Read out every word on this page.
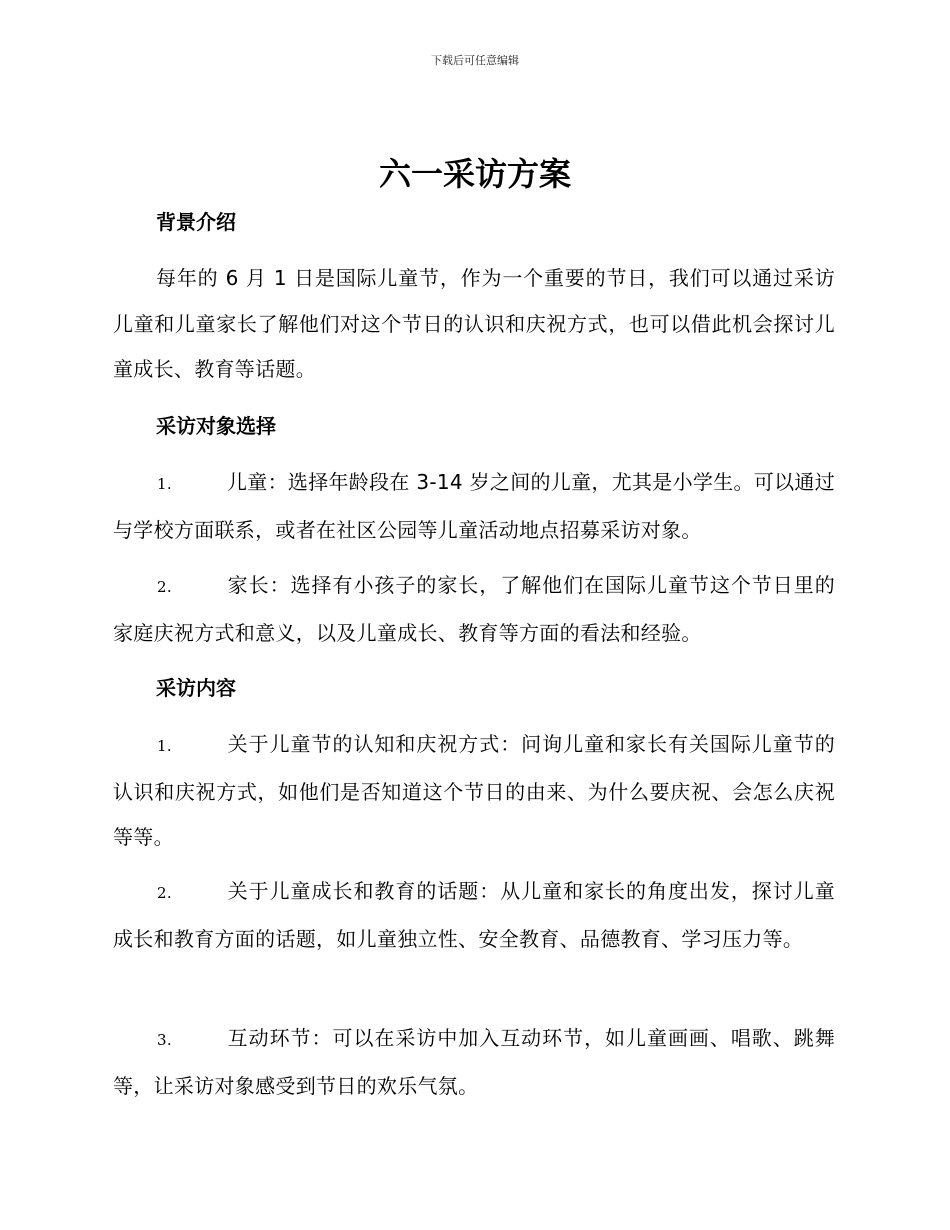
下载后可任意编辑
六一采访方案
背景介绍

每年的 6 月 1 日是国际儿童节，作为一个重要的节日，我们可以通过采访儿童和儿童家长了解他们对这个节日的认识和庆祝方式，也可以借此机会探讨儿童成长、教育等话题。

采访对象选择

1.	儿童：选择年龄段在 3-14 岁之间的儿童，尤其是小学生。可以通过与学校方面联系，或者在社区公园等儿童活动地点招募采访对象。

2.	家长：选择有小孩子的家长，了解他们在国际儿童节这个节日里的家庭庆祝方式和意义，以及儿童成长、教育等方面的看法和经验。

采访内容

1.	关于儿童节的认知和庆祝方式：问询儿童和家长有关国际儿童节的认识和庆祝方式，如他们是否知道这个节日的由来、为什么要庆祝、会怎么庆祝等等。

2.	关于儿童成长和教育的话题：从儿童和家长的角度出发，探讨儿童成长和教育方面的话题，如儿童独立性、安全教育、品德教育、学习压力等。

3.	互动环节：可以在采访中加入互动环节，如儿童画画、唱歌、跳舞等，让采访对象感受到节日的欢乐气氛。
